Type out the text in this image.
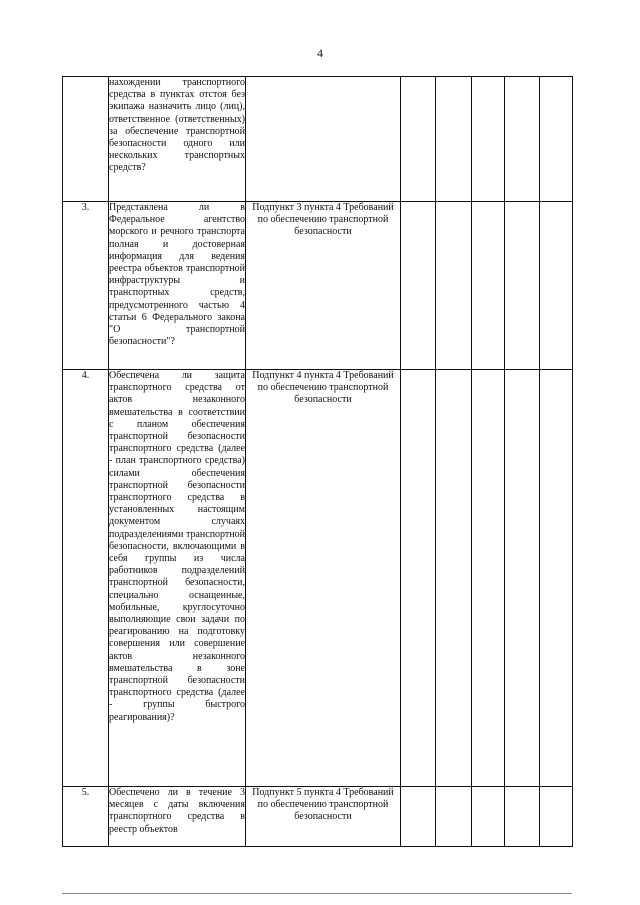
4
	нахождении транспортного средства в пунктах отстоя без экипажа назначить лицо (лиц), ответственное (ответственных) за обеспечение транспортной безопасности одного или нескольких транспортных средств?						
3.	Представлена ли в Федеральное агентство морского и речного транспорта полная и достоверная информация для ведения реестра объектов транспортной инфраструктуры и транспортных средств, предусмотренного частью 4 статьи 6 Федерального закона "О транспортной безопасности"?	Подпункт 3 пункта 4 Требований по обеспечению транспортной безопасности					
4.	Обеспечена ли защита транспортного средства от актов незаконного вмешательства в соответствии с планом обеспечения транспортной безопасности транспортного средства (далее - план транспортного средства) силами обеспечения транспортной безопасности транспортного средства в установленных настоящим документом случаях подразделениями транспортной безопасности, включающими в себя группы из числа работников подразделений транспортной безопасности, специально оснащенные, мобильные, круглосуточно выполняющие свои задачи по реагированию на подготовку совершения или совершение актов незаконного вмешательства в зоне транспортной безопасности транспортного средства (далее - группы быстрого реагирования)?	Подпункт 4 пункта 4 Требований по обеспечению транспортной безопасности					
5.	Обеспечено ли в течение 3 месяцев с даты включения транспортного средства в реестр объектов	Подпункт 5 пункта 4 Требований по обеспечению транспортной безопасности					
